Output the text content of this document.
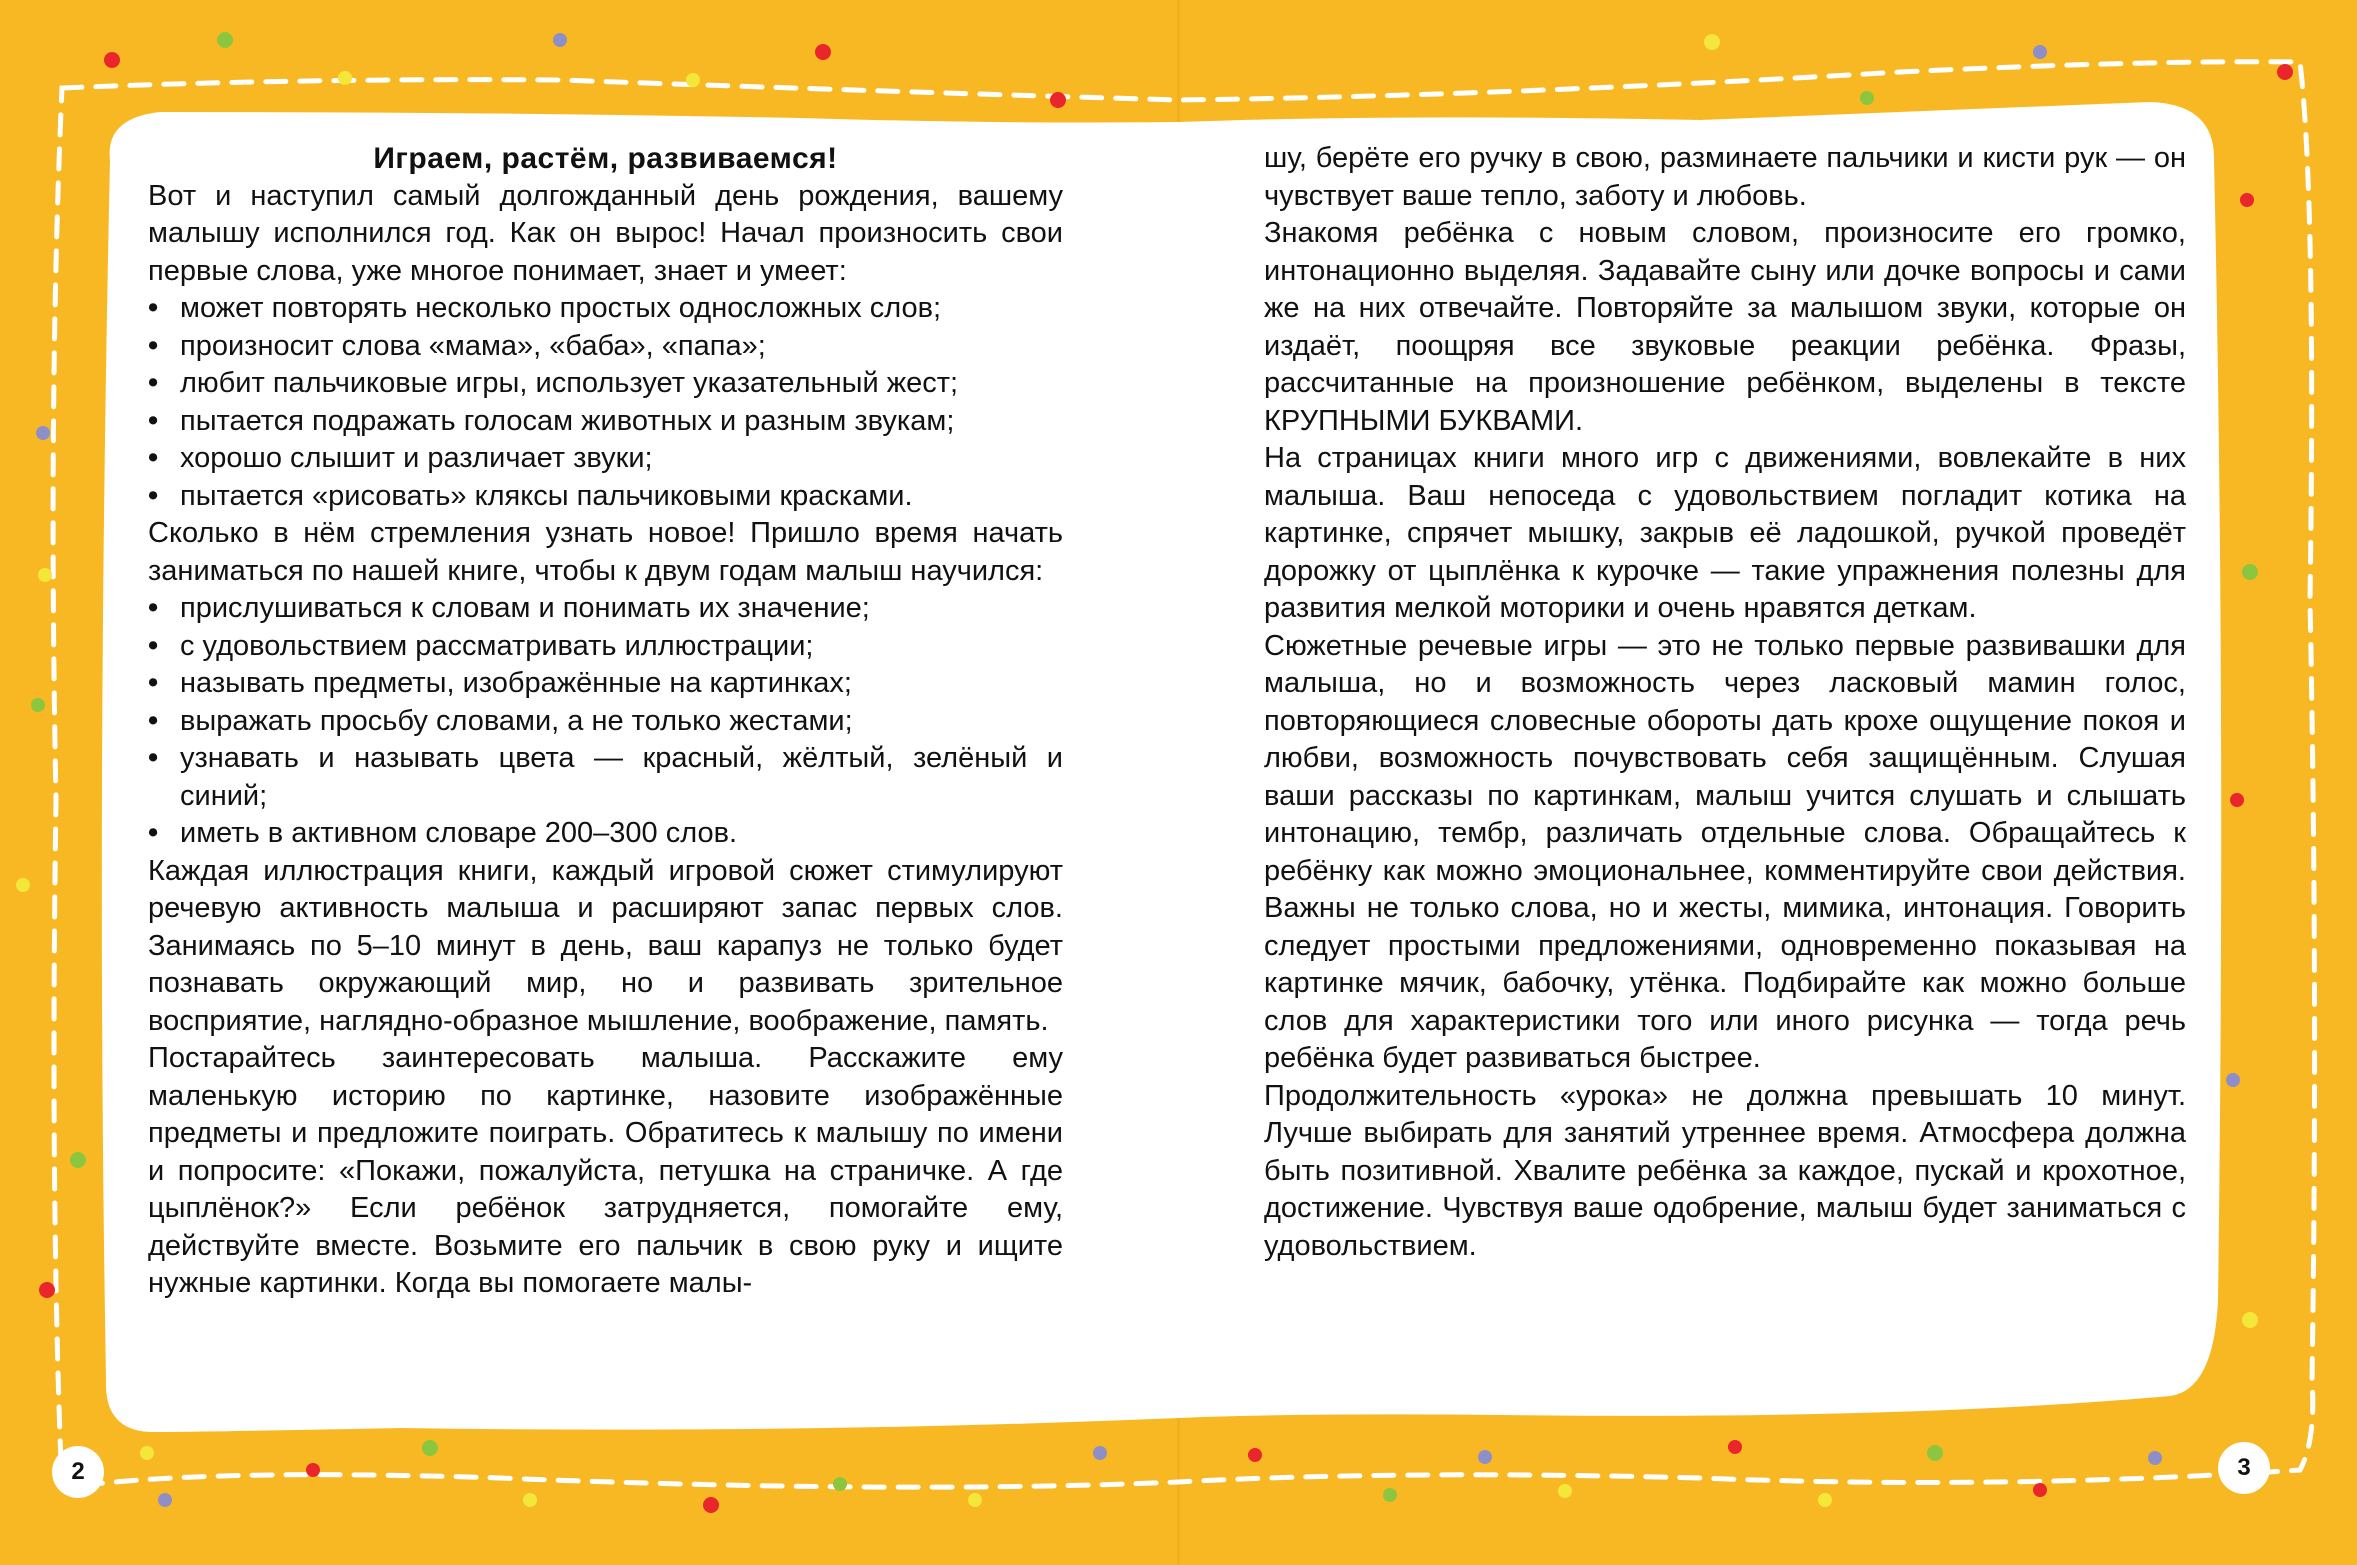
Играем, растём, развиваемся!

Вот и наступил самый долгожданный день рождения, вашему малышу исполнился год. Как он вырос! Начал произносить свои первые слова, уже многое понимает, знает и умеет:

• может повторять несколько простых односложных слов;
• произносит слова «мама», «баба», «папа»;
• любит пальчиковые игры, использует указательный жест;
• пытается подражать голосам животных и разным звукам;
• хорошо слышит и различает звуки;
• пытается «рисовать» кляксы пальчиковыми красками.

Сколько в нём стремления узнать новое! Пришло время начать заниматься по нашей книге, чтобы к двум годам малыш научился:

• прислушиваться к словам и понимать их значение;
• с удовольствием рассматривать иллюстрации;
• называть предметы, изображённые на картинках;
• выражать просьбу словами, а не только жестами;
• узнавать и называть цвета — красный, жёлтый, зелёный и синий;
• иметь в активном словаре 200–300 слов.

Каждая иллюстрация книги, каждый игровой сюжет стимулируют речевую активность малыша и расширяют запас первых слов. Занимаясь по 5–10 минут в день, ваш карапуз не только будет познавать окружающий мир, но и развивать зрительное восприятие, наглядно-образное мышление, воображение, память.

Постарайтесь заинтересовать малыша. Расскажите ему маленькую историю по картинке, назовите изображённые предметы и предложите поиграть. Обратитесь к малышу по имени и попросите: «Покажи, пожалуйста, петушка на страничке. А где цыплёнок?» Если ребёнок затрудняется, помогайте ему, действуйте вместе. Возьмите его пальчик в свою руку и ищите нужные картинки. Когда вы помогаете малы-

шу, берёте его ручку в свою, разминаете пальчики и кисти рук — он чувствует ваше тепло, заботу и любовь.

Знакомя ребёнка с новым словом, произносите его громко, интонационно выделяя. Задавайте сыну или дочке вопросы и сами же на них отвечайте. Повторяйте за малышом звуки, которые он издаёт, поощряя все звуковые реакции ребёнка. Фразы, рассчитанные на произношение ребёнком, выделены в тексте КРУПНЫМИ БУКВАМИ.

На страницах книги много игр с движениями, вовлекайте в них малыша. Ваш непоседа с удовольствием погладит котика на картинке, спрячет мышку, закрыв её ладошкой, ручкой проведёт дорожку от цыплёнка к курочке — такие упражнения полезны для развития мелкой моторики и очень нравятся деткам.

Сюжетные речевые игры — это не только первые развивашки для малыша, но и возможность через ласковый мамин голос, повторяющиеся словесные обороты дать крохе ощущение покоя и любви, возможность почувствовать себя защищённым. Слушая ваши рассказы по картинкам, малыш учится слушать и слышать интонацию, тембр, различать отдельные слова. Обращайтесь к ребёнку как можно эмоциональнее, комментируйте свои действия. Важны не только слова, но и жесты, мимика, интонация. Говорить следует простыми предложениями, одновременно показывая на картинке мячик, бабочку, утёнка. Подбирайте как можно больше слов для характеристики того или иного рисунка — тогда речь ребёнка будет развиваться быстрее.

Продолжительность «урока» не должна превышать 10 минут. Лучше выбирать для занятий утреннее время. Атмосфера должна быть позитивной. Хвалите ребёнка за каждое, пускай и крохотное, достижение. Чувствуя ваше одобрение, малыш будет заниматься с удовольствием.

2	3
